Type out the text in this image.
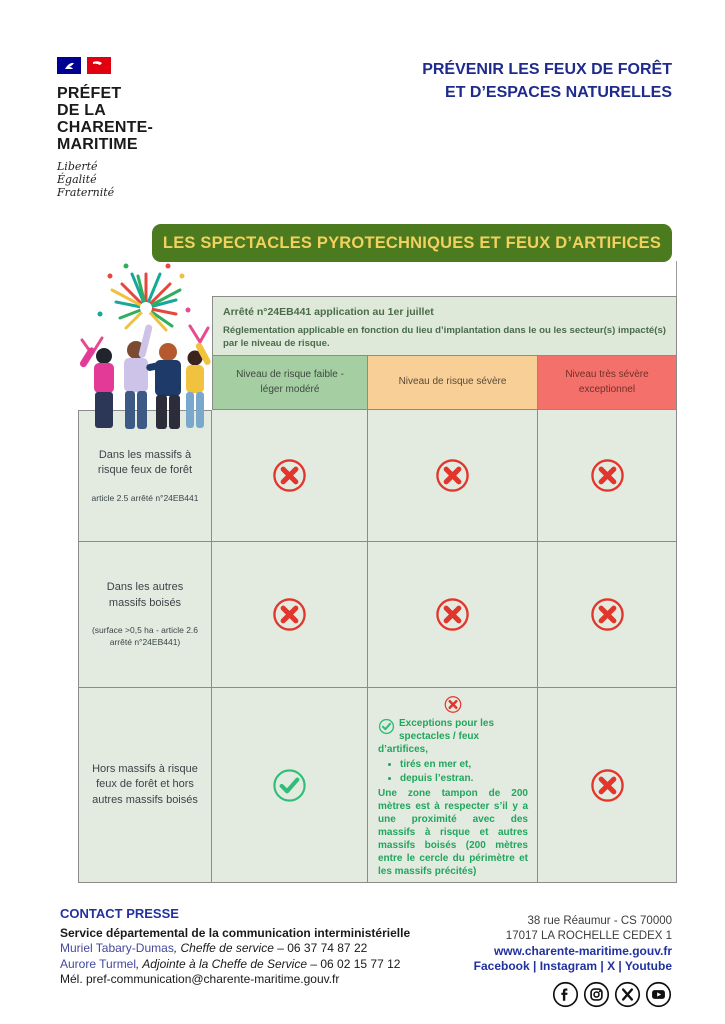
PRÉFET
DE LA
CHARENTE-
MARITIME
Liberté
Égalité
Fraternité
PRÉVENIR LES FEUX DE FORÊT
ET D’ESPACES NATURELLES
LES SPECTACLES PYROTECHNIQUES ET FEUX D’ARTIFICES
Arrêté n°24EB441 application au 1er juillet
Réglementation applicable en fonction du lieu d’implantation dans le ou les secteur(s) impacté(s) par le niveau de risque.
Niveau de risque faible - léger modéré
Niveau de risque sévère
Niveau très sévère exceptionnel
Dans les massifs à risque feux de forêt
article 2.5 arrêté n°24EB441
Dans les autres massifs boisés
(surface >0,5 ha - article 2.6 arrêté n°24EB441)
Hors massifs à risque feux de forêt et hors autres massifs boisés
Exceptions pour les spectacles / feux d’artifices,
• tirés en mer et,
• depuis l’estran.
Une zone tampon de 200 mètres est à respecter s’il y a une proximité avec des massifs à risque et autres massifs boisés (200 mètres entre le cercle du périmètre et les massifs précités)
CONTACT PRESSE
Service départemental de la communication interministérielle
Muriel Tabary-Dumas, Cheffe de service – 06 37 74 87 22
Aurore Turmel, Adjointe à la Cheffe de Service – 06 02 15 77 12
Mél. pref-communication@charente-maritime.gouv.fr
38 rue Réaumur - CS 70000
17017 LA ROCHELLE CEDEX 1
www.charente-maritime.gouv.fr
Facebook | Instagram | X | Youtube
